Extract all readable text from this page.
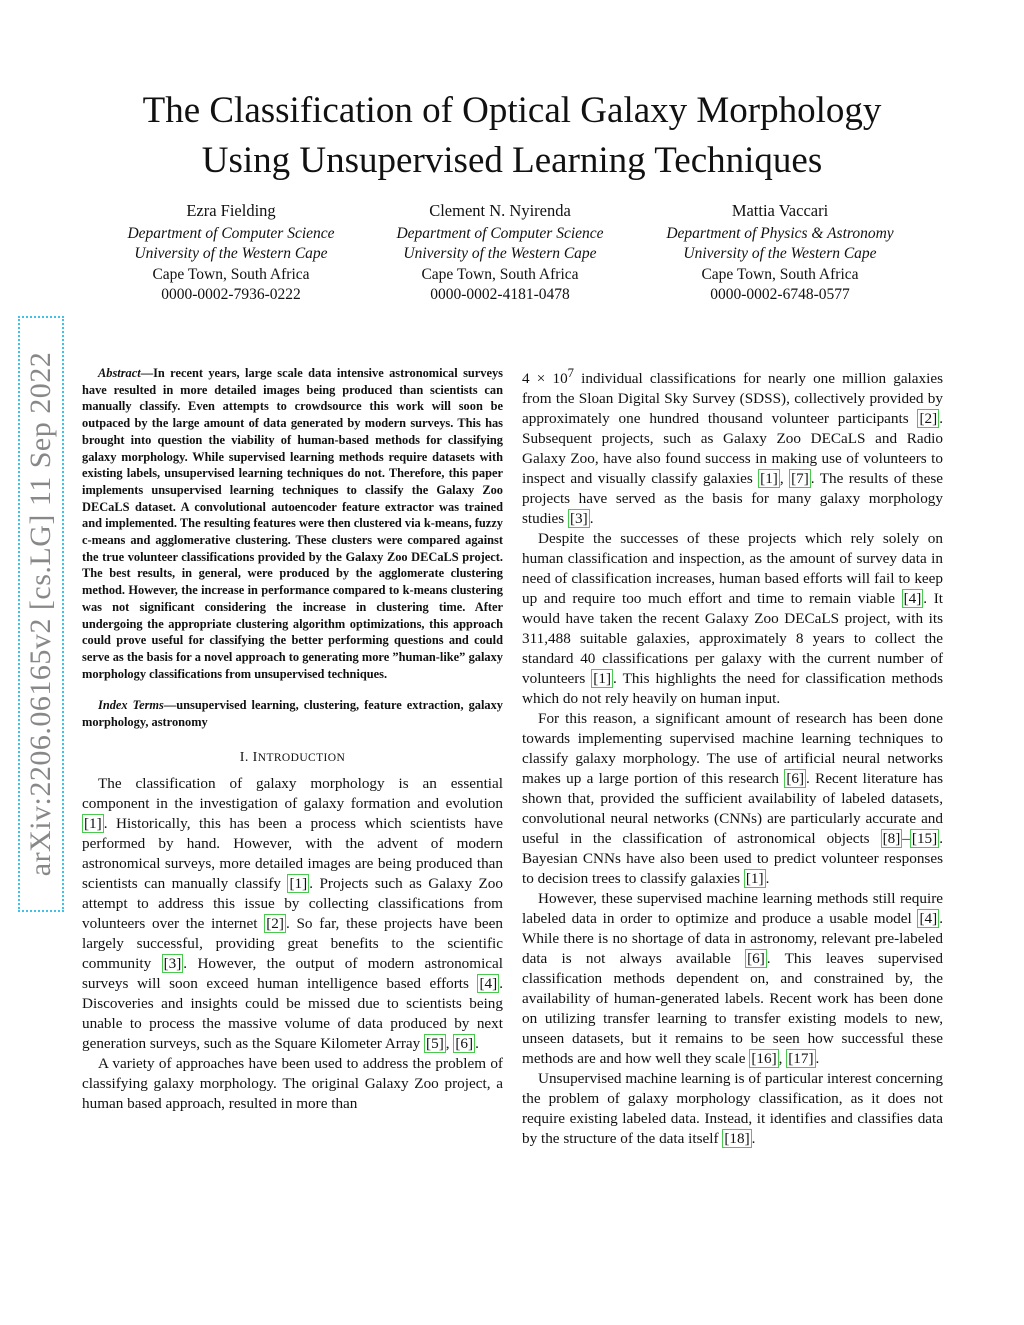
arXiv:2206.06165v2 [cs.LG] 11 Sep 2022
The Classification of Optical Galaxy Morphology
Using Unsupervised Learning Techniques
Ezra Fielding
Department of Computer Science
University of the Western Cape
Cape Town, South Africa
0000-0002-7936-0222
Clement N. Nyirenda
Department of Computer Science
University of the Western Cape
Cape Town, South Africa
0000-0002-4181-0478
Mattia Vaccari
Department of Physics & Astronomy
University of the Western Cape
Cape Town, South Africa
0000-0002-6748-0577

Abstract—In recent years, large scale data intensive astronomical surveys have resulted in more detailed images being produced than scientists can manually classify. Even attempts to crowdsource this work will soon be outpaced by the large amount of data generated by modern surveys. This has brought into question the viability of human-based methods for classifying galaxy morphology. While supervised learning methods require datasets with existing labels, unsupervised learning techniques do not. Therefore, this paper implements unsupervised learning techniques to classify the Galaxy Zoo DECaLS dataset. A convolutional autoencoder feature extractor was trained and implemented. The resulting features were then clustered via k-means, fuzzy c-means and agglomerative clustering. These clusters were compared against the true volunteer classifications provided by the Galaxy Zoo DECaLS project. The best results, in general, were produced by the agglomerate clustering method. However, the increase in performance compared to k-means clustering was not significant considering the increase in clustering time. After undergoing the appropriate clustering algorithm optimizations, this approach could prove useful for classifying the better performing questions and could serve as the basis for a novel approach to generating more ”human-like” galaxy morphology classifications from unsupervised techniques.

Index Terms—unsupervised learning, clustering, feature extraction, galaxy morphology, astronomy

I. INTRODUCTION

The classification of galaxy morphology is an essential component in the investigation of galaxy formation and evolution [1] . Historically, this has been a process which scientists have performed by hand. However, with the advent of modern astronomical surveys, more detailed images are being produced than scientists can manually classify [1] . Projects such as Galaxy Zoo attempt to address this issue by collecting classifications from volunteers over the internet [2] . So far, these projects have been largely successful, providing great benefits to the scientific community [3] . However, the output of modern astronomical surveys will soon exceed human intelligence based efforts [4] . Discoveries and insights could be missed due to scientists being unable to process the massive volume of data produced by next generation surveys, such as the Square Kilometer Array [5] , [6] .

A variety of approaches have been used to address the problem of classifying galaxy morphology. The original Galaxy Zoo project, a human based approach, resulted in more than

$4 \times 10^7$ individual classifications for nearly one million galaxies from the Sloan Digital Sky Survey (SDSS), collectively provided by approximately one hundred thousand volunteer participants [2] . Subsequent projects, such as Galaxy Zoo DECaLS and Radio Galaxy Zoo, have also found success in making use of volunteers to inspect and visually classify galaxies [1] , [7] . The results of these projects have served as the basis for many galaxy morphology studies [3] .

Despite the successes of these projects which rely solely on human classification and inspection, as the amount of survey data in need of classification increases, human based efforts will fail to keep up and require too much effort and time to remain viable [4] . It would have taken the recent Galaxy Zoo DECaLS project, with its 311,488 suitable galaxies, approximately 8 years to collect the standard 40 classifications per galaxy with the current number of volunteers [1] . This highlights the need for classification methods which do not rely heavily on human input.

For this reason, a significant amount of research has been done towards implementing supervised machine learning techniques to classify galaxy morphology. The use of artificial neural networks makes up a large portion of this research [6] . Recent literature has shown that, provided the sufficient availability of labeled datasets, convolutional neural networks (CNNs) are particularly accurate and useful in the classification of astronomical objects [8] – [15] . Bayesian CNNs have also been used to predict volunteer responses to decision trees to classify galaxies [1] .

However, these supervised machine learning methods still require labeled data in order to optimize and produce a usable model [4] . While there is no shortage of data in astronomy, relevant pre-labeled data is not always available [6] . This leaves supervised classification methods dependent on, and constrained by, the availability of human-generated labels. Recent work has been done on utilizing transfer learning to transfer existing models to new, unseen datasets, but it remains to be seen how successful these methods are and how well they scale [16] , [17] .

Unsupervised machine learning is of particular interest concerning the problem of galaxy morphology classification, as it does not require existing labeled data. Instead, it identifies and classifies data by the structure of the data itself [18] .
